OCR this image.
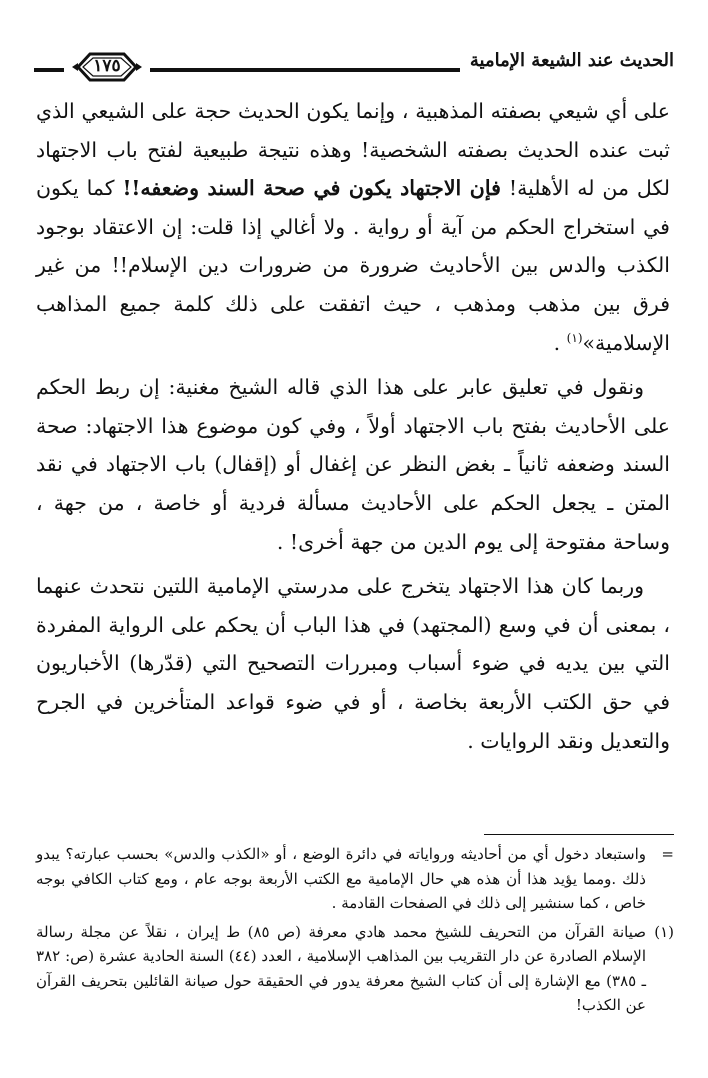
١٧٥	الحديث عند الشيعة الإمامية

على أي شيعي بصفته المذهبية ، وإنما يكون الحديث حجة على الشيعي الذي ثبت عنده الحديث بصفته الشخصية! وهذه نتيجة طبيعية لفتح باب الاجتهاد لكل من له الأهلية! فإن الاجتهاد يكون في صحة السند وضعفه!! كما يكون في استخراج الحكم من آية أو رواية . ولا أغالي إذا قلت: إن الاعتقاد بوجود الكذب والدس بين الأحاديث ضرورة من ضرورات دين الإسلام!! من غير فرق بين مذهب ومذهب ، حيث اتفقت على ذلك كلمة جميع المذاهب الإسلامية»$^{(١)}$ .

ونقول في تعليق عابر على هذا الذي قاله الشيخ مغنية: إن ربط الحكم على الأحاديث بفتح باب الاجتهاد أولاً ، وفي كون موضوع هذا الاجتهاد: صحة السند وضعفه ثانياً ـ بغض النظر عن إغفال أو (إقفال) باب الاجتهاد في نقد المتن ـ يجعل الحكم على الأحاديث مسألة فردية أو خاصة ، من جهة ، وساحة مفتوحة إلى يوم الدين من جهة أخرى! .

وربما كان هذا الاجتهاد يتخرج على مدرستي الإمامية اللتين نتحدث عنهما ، بمعنى أن في وسع (المجتهد) في هذا الباب أن يحكم على الرواية المفردة التي بين يديه في ضوء أسباب ومبررات التصحيح التي (قدّرها) الأخباريون في حق الكتب الأربعة بخاصة ، أو في ضوء قواعد المتأخرين في الجرح والتعديل ونقد الروايات .

=
واستبعاد دخول أي من أحاديثه ورواياته في دائرة الوضع ، أو «الكذب والدس» بحسب عبارته؟ يبدو ذلك .ومما يؤيد هذا أن هذه هي حال الإمامية مع الكتب الأربعة بوجه عام ، ومع كتاب الكافي بوجه خاص ، كما سنشير إلى ذلك في الصفحات القادمة .

(١)
صيانة القرآن من التحريف للشيخ محمد هادي معرفة (ص ٨٥) ط إيران ، نقلاً عن مجلة رسالة الإسلام الصادرة عن دار التقريب بين المذاهب الإسلامية ، العدد (٤٤) السنة الحادية عشرة (ص: ٣٨٢ ـ ٣٨٥) مع الإشارة إلى أن كتاب الشيخ معرفة يدور في الحقيقة حول صيانة القائلين بتحريف القرآن عن الكذب!
